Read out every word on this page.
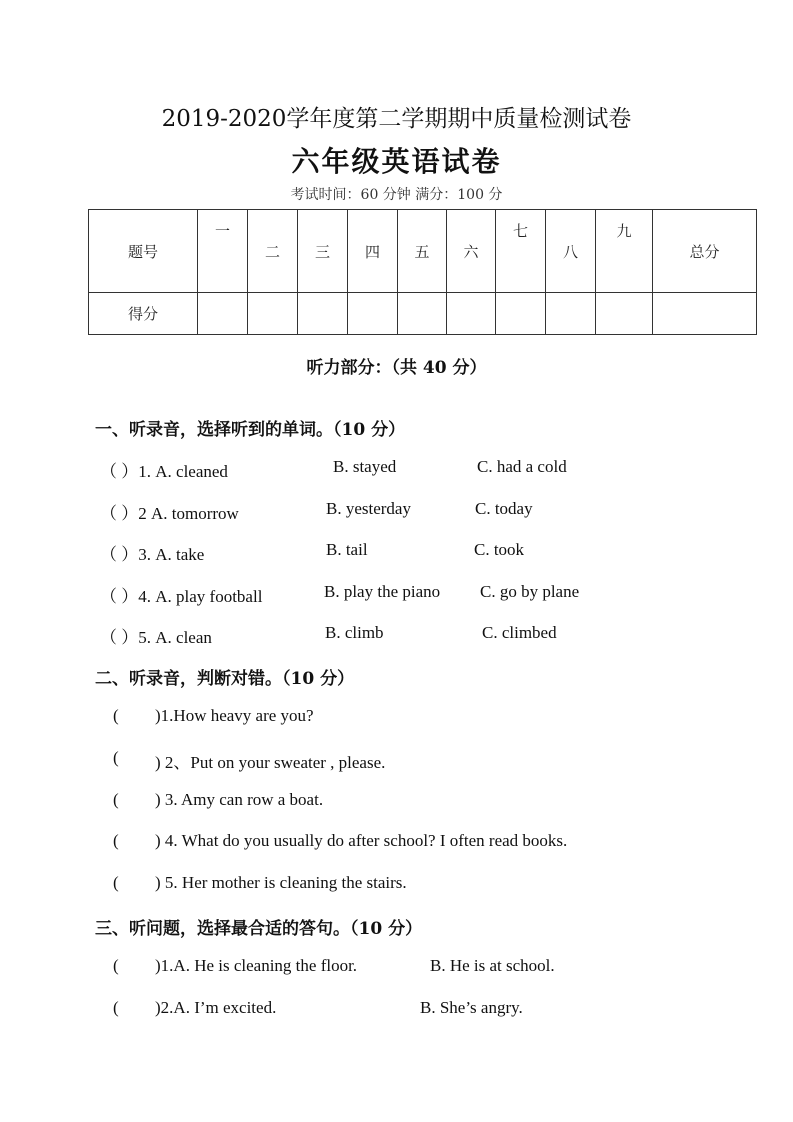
2019-2020学年度第二学期期中质量检测试卷
六年级英语试卷
考试时间：60 分钟 满分：100 分
题号	一	二	三	四	五	六	七	八	九	总分
得分										
听力部分：（共 40 分）
一、听录音，选择听到的单词。（10 分）
（ ）1. A. cleaned	B. stayed	C. had a cold
（ ）2 A. tomorrow	B. yesterday	C. today
（ ）3. A. take	B. tail	C. took
（ ）4. A. play football	B. play the piano C. go by plane
（ ）5. A. clean	B. climb	C. climbed
二、听录音，判断对错。（10 分）
( )1.How heavy are you?
( ) 2、Put on your sweater , please.
( ) 3. Amy can row a boat.
( ) 4. What do you usually do after school? I often read books.
( ) 5. Her mother is cleaning the stairs.
三、听问题，选择最合适的答句。（10 分）
( )1.A. He is cleaning the floor.	B. He is at school.
( )2.A. I’m excited.	B. She’s angry.
